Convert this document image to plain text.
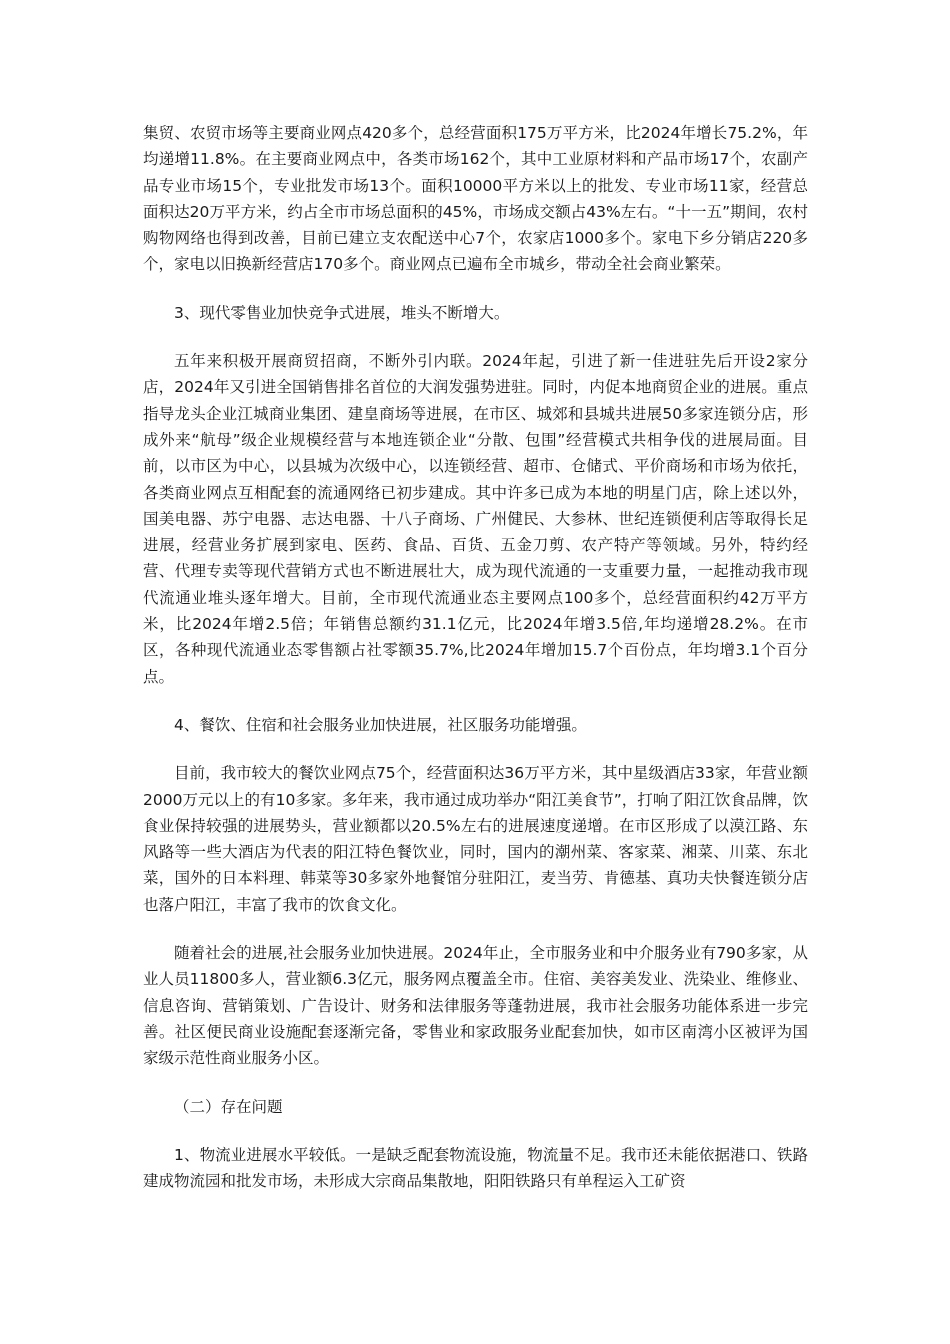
集贸、农贸市场等主要商业网点420多个，总经营面积175万平方米，比2024年增长75.2%，年均递增11.8%。在主要商业网点中，各类市场162个，其中工业原材料和产品市场17个，农副产品专业市场15个，专业批发市场13个。面积10000平方米以上的批发、专业市场11家，经营总面积达20万平方米，约占全市市场总面积的45%，市场成交额占43%左右。“十一五”期间，农村购物网络也得到改善，目前已建立支农配送中心7个，农家店1000多个。家电下乡分销店220多个，家电以旧换新经营店170多个。商业网点已遍布全市城乡，带动全社会商业繁荣。

3、现代零售业加快竞争式进展，堆头不断增大。

五年来积极开展商贸招商，不断外引内联。2024年起，引进了新一佳进驻先后开设2家分店，2024年又引进全国销售排名首位的大润发强势进驻。同时，内促本地商贸企业的进展。重点指导龙头企业江城商业集团、建皇商场等进展，在市区、城郊和县城共进展50多家连锁分店，形成外来“航母”级企业规模经营与本地连锁企业“分散、包围”经营模式共相争伐的进展局面。目前，以市区为中心，以县城为次级中心，以连锁经营、超市、仓储式、平价商场和市场为依托，各类商业网点互相配套的流通网络已初步建成。其中许多已成为本地的明星门店，除上述以外，国美电器、苏宁电器、志达电器、十八子商场、广州健民、大参林、世纪连锁便利店等取得长足进展，经营业务扩展到家电、医药、食品、百货、五金刀剪、农产特产等领域。另外，特约经营、代理专卖等现代营销方式也不断进展壮大，成为现代流通的一支重要力量，一起推动我市现代流通业堆头逐年增大。目前，全市现代流通业态主要网点100多个，总经营面积约42万平方米，比2024年增2.5倍；年销售总额约31.1亿元，比2024年增3.5倍,年均递增28.2%。在市区，各种现代流通业态零售额占社零额35.7%,比2024年增加15.7个百份点，年均增3.1个百分点。

4、餐饮、住宿和社会服务业加快进展，社区服务功能增强。

目前，我市较大的餐饮业网点75个，经营面积达36万平方米，其中星级酒店33家，年营业额2000万元以上的有10多家。多年来，我市通过成功举办“阳江美食节”，打响了阳江饮食品牌，饮食业保持较强的进展势头，营业额都以20.5%左右的进展速度递增。在市区形成了以漠江路、东风路等一些大酒店为代表的阳江特色餐饮业，同时，国内的潮州菜、客家菜、湘菜、川菜、东北菜，国外的日本料理、韩菜等30多家外地餐馆分驻阳江，麦当劳、肯德基、真功夫快餐连锁分店也落户阳江，丰富了我市的饮食文化。

随着社会的进展,社会服务业加快进展。2024年止，全市服务业和中介服务业有790多家，从业人员11800多人，营业额6.3亿元，服务网点覆盖全市。住宿、美容美发业、洗染业、维修业、信息咨询、营销策划、广告设计、财务和法律服务等蓬勃进展，我市社会服务功能体系进一步完善。社区便民商业设施配套逐渐完备，零售业和家政服务业配套加快，如市区南湾小区被评为国家级示范性商业服务小区。

（二）存在问题

1、物流业进展水平较低。一是缺乏配套物流设施，物流量不足。我市还未能依据港口、铁路建成物流园和批发市场，未形成大宗商品集散地，阳阳铁路只有单程运入工矿资
